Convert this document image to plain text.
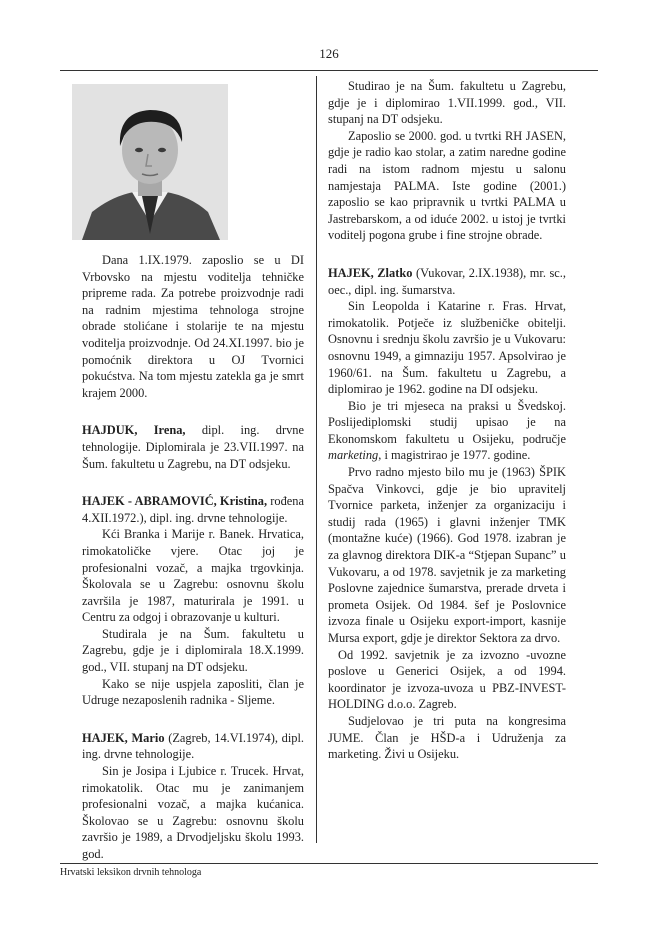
126

Dana 1.IX.1979. zaposlio se u DI Vrbovsko na mjestu voditelja tehničke pripreme rada. Za potrebe proizvodnje radi na radnim mjestima tehnologa strojne obrade stolićane i stolarije te na mjestu voditelja proizvodnje. Od 24.XI.1997. bio je pomoćnik direktora u OJ Tvornici pokućstva. Na tom mjestu zatekla ga je smrt krajem 2000.

HAJDUK, Irena, dipl. ing. drvne tehnologije. Diplomirala je 23.VII.1997. na Šum. fakultetu u Zagrebu, na DT odsjeku.

HAJEK - ABRAMOVIĆ, Kristina, rođena 4.XII.1972.), dipl. ing. drvne tehnologije.

Kći Branka i Marije r. Banek. Hrvatica, rimokatoličke vjere. Otac joj je profesionalni vozač, a majka trgovkinja. Školovala se u Zagrebu: osnovnu školu završila je 1987, maturirala je 1991. u Centru za odgoj i obrazovanje u kulturi.

Studirala je na Šum. fakultetu u Zagrebu, gdje je i diplomirala 18.X.1999. god., VII. stupanj na DT odsjeku.

Kako se nije uspjela zaposliti, član je Udruge nezaposlenih radnika - Sljeme.

HAJEK, Mario (Zagreb, 14.VI.1974), dipl. ing. drvne tehnologije.

Sin je Josipa i Ljubice r. Trucek. Hrvat, rimokatolik. Otac mu je zanimanjem profesionalni vozač, a majka kućanica. Školovao se u Zagrebu: osnovnu školu završio je 1989, a Drvodjeljsku školu 1993. god.

Studirao je na Šum. fakultetu u Zagrebu, gdje je i diplomirao 1.VII.1999. god., VII. stupanj na DT odsjeku.

Zaposlio se 2000. god. u tvrtki RH JASEN, gdje je radio kao stolar, a zatim naredne godine radi na istom radnom mjestu u salonu namjestaja PALMA. Iste godine (2001.) zaposlio se kao pripravnik u tvrtki PALMA u Jastrebarskom, a od iduće 2002. u istoj je tvrtki voditelj pogona grube i fine strojne obrade.

HAJEK, Zlatko (Vukovar, 2.IX.1938), mr. sc., oec., dipl. ing. šumarstva.

Sin Leopolda i Katarine r. Fras. Hrvat, rimokatolik. Potječe iz službeničke obitelji. Osnovnu i srednju školu završio je u Vukovaru: osnovnu 1949, a gimnaziju 1957. Apsolvirao je 1960/61. na Šum. fakultetu u Zagrebu, a diplomirao je 1962. godine na DI odsjeku.

Bio je tri mjeseca na praksi u Švedskoj. Poslijediplomski studij upisao je na Ekonomskom fakultetu u Osijeku, područje marketing, i magistrirao je 1977. godine.

Prvo radno mjesto bilo mu je (1963) ŠPIK Spačva Vinkovci, gdje je bio upravitelj Tvornice parketa, inženjer za organizaciju i studij rada (1965) i glavni inženjer TMK (montažne kuće) (1966). God 1978. izabran je za glavnog direktora DIK-a “Stjepan Supanc” u Vukovaru, a od 1978. savjetnik je za marketing Poslovne zajednice šumarstva, prerade drveta i prometa Osijek. Od 1984. šef je Poslovnice izvoza finale u Osijeku export-import, kasnije Mursa export, gdje je direktor Sektora za drvo.

Od 1992. savjetnik je za izvozno -uvozne poslove u Generici Osijek, a od 1994. koordinator je izvoza-uvoza u PBZ-INVEST-HOLDING d.o.o. Zagreb.

Sudjelovao je tri puta na kongresima JUME. Član je HŠD-a i Udruženja za marketing. Živi u Osijeku.

Hrvatski leksikon drvnih tehnologa
